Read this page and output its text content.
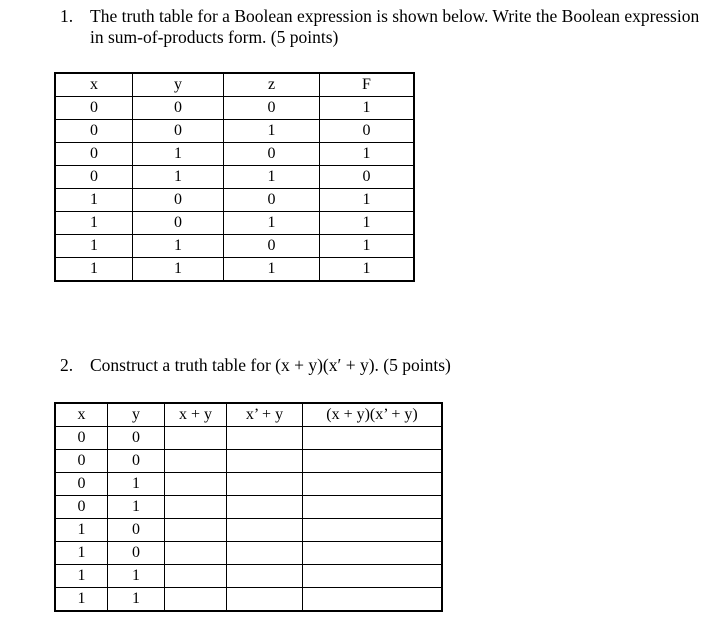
1. The truth table for a Boolean expression is shown below. Write the Boolean expression in sum-of-products form. (5 points)
x	y	z	F
0	0	0	1
0	0	1	0
0	1	0	1
0	1	1	0
1	0	0	1
1	0	1	1
1	1	0	1
1	1	1	1
2. Construct a truth table for (x + y)(x′ + y). (5 points)
x	y	x + y	x’ + y	(x + y)(x’ + y)
0	0			
0	0			
0	1			
0	1			
1	0			
1	0			
1	1			
1	1			
